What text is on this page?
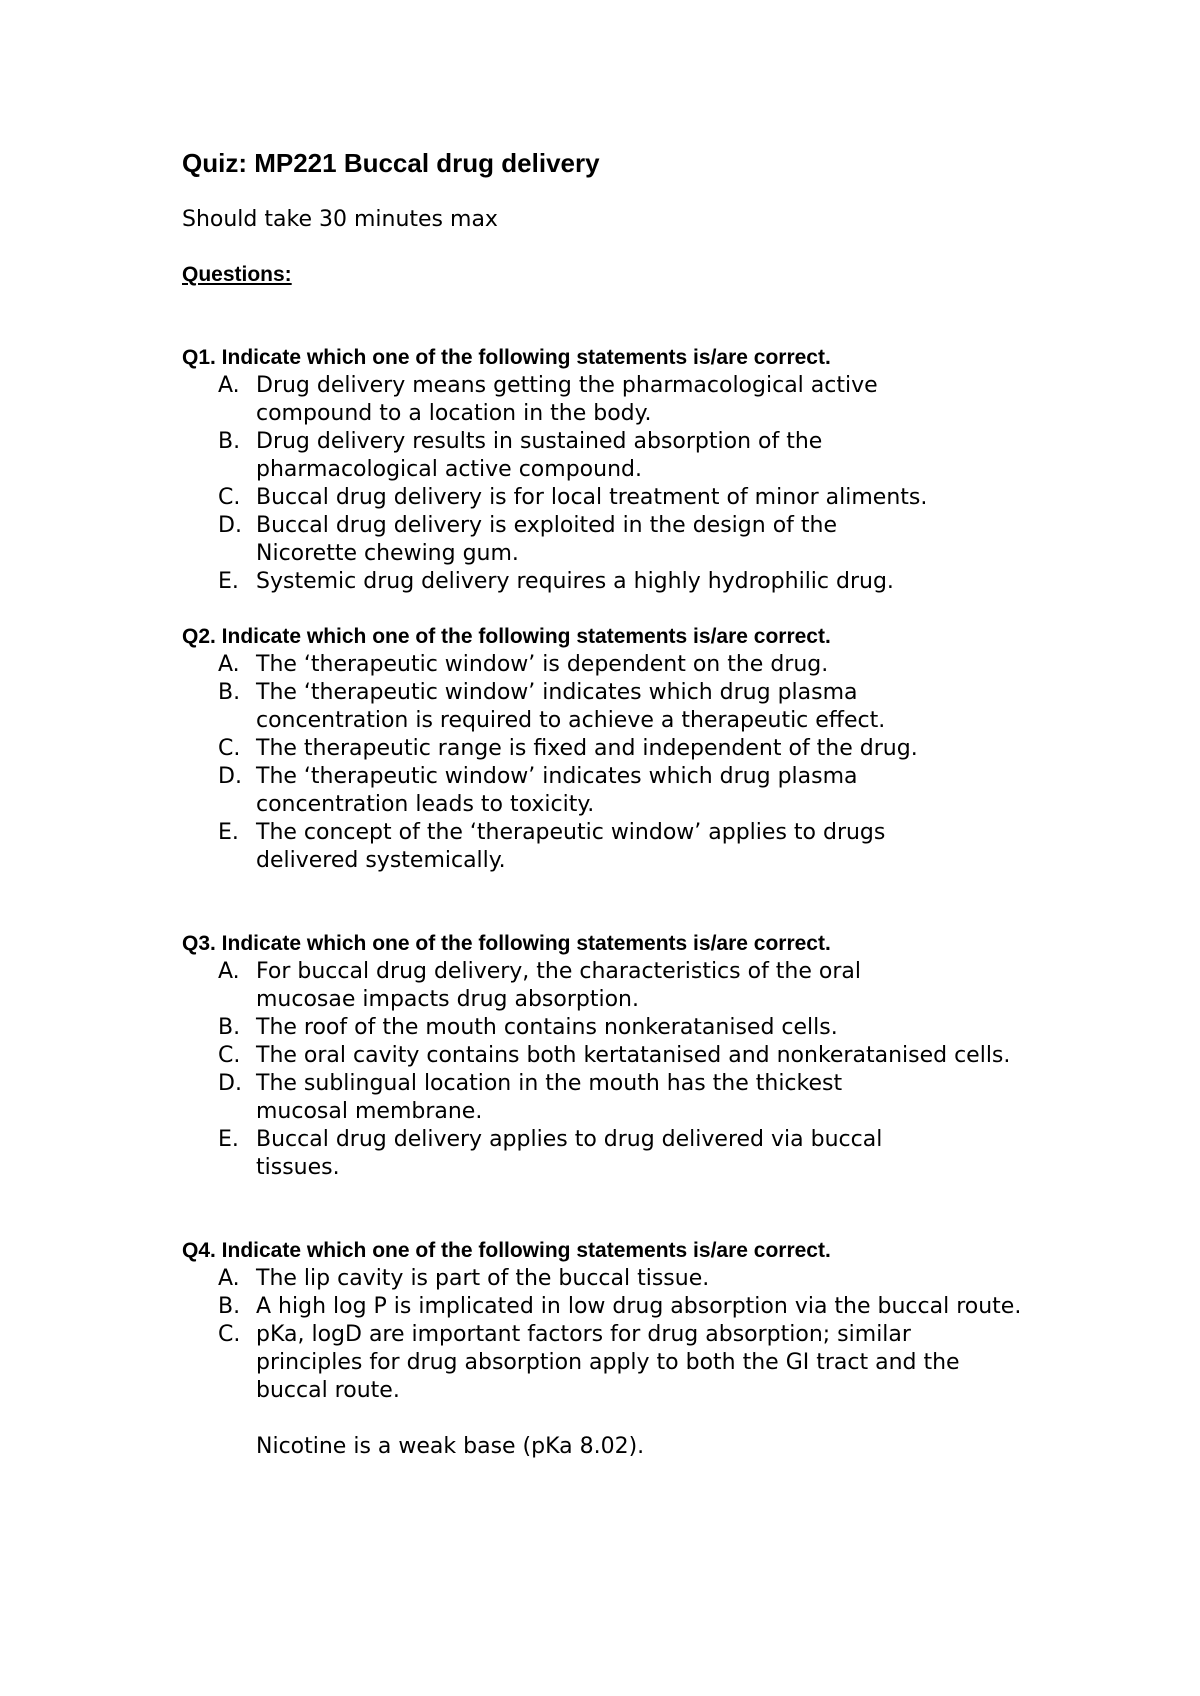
Quiz: MP221 Buccal drug delivery

Should take 30 minutes max

Questions:

Q1. Indicate which one of the following statements is/are correct.

A. Drug delivery means getting the pharmacological active compound to a location in the body.
B. Drug delivery results in sustained absorption of the pharmacological active compound.
C. Buccal drug delivery is for local treatment of minor aliments.
D. Buccal drug delivery is exploited in the design of the Nicorette chewing gum.
E. Systemic drug delivery requires a highly hydrophilic drug.

Q2. Indicate which one of the following statements is/are correct.

A. The ‘therapeutic window’ is dependent on the drug.
B. The ‘therapeutic window’ indicates which drug plasma concentration is required to achieve a therapeutic effect.
C. The therapeutic range is fixed and independent of the drug.
D. The ‘therapeutic window’ indicates which drug plasma concentration leads to toxicity.
E. The concept of the ‘therapeutic window’ applies to drugs delivered systemically.

Q3. Indicate which one of the following statements is/are correct.

A. For buccal drug delivery, the characteristics of the oral mucosae impacts drug absorption.
B. The roof of the mouth contains nonkeratanised cells.
C. The oral cavity contains both kertatanised and nonkeratanised cells.
D. The sublingual location in the mouth has the thickest mucosal membrane.
E. Buccal drug delivery applies to drug delivered via buccal tissues.

Q4. Indicate which one of the following statements is/are correct.

A. The lip cavity is part of the buccal tissue.
B. A high log P is implicated in low drug absorption via the buccal route.
C. pKa, logD are important factors for drug absorption; similar principles for drug absorption apply to both the GI tract and the buccal route.

Nicotine is a weak base (pKa 8.02).
